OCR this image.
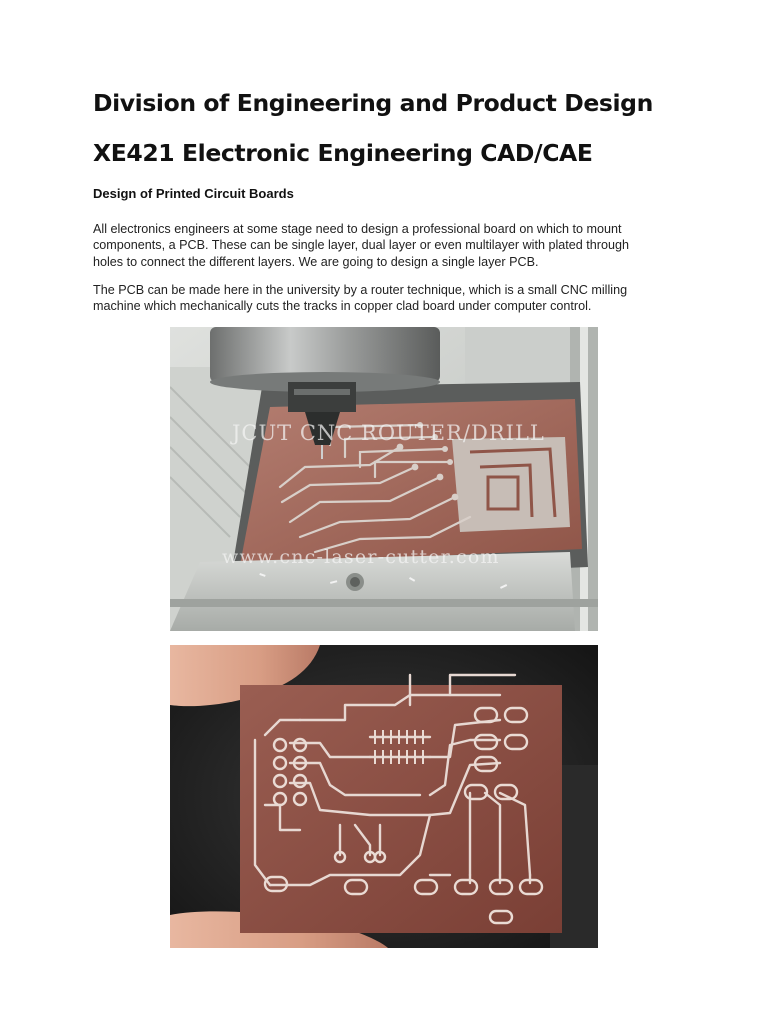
Division of Engineering and Product Design
XE421 Electronic Engineering CAD/CAE
Design of Printed Circuit Boards

All electronics engineers at some stage need to design a professional board on which to mount
components, a PCB. These can be single layer, dual layer or even multilayer with plated through
holes to connect the different layers. We are going to design a single layer PCB.

The PCB can be made here in the university by a router technique, which is a small CNC milling
machine which mechanically cuts the tracks in copper clad board under computer control.

JCUT CNC ROUTER/DRILL
www.cnc-laser-cutter.com
